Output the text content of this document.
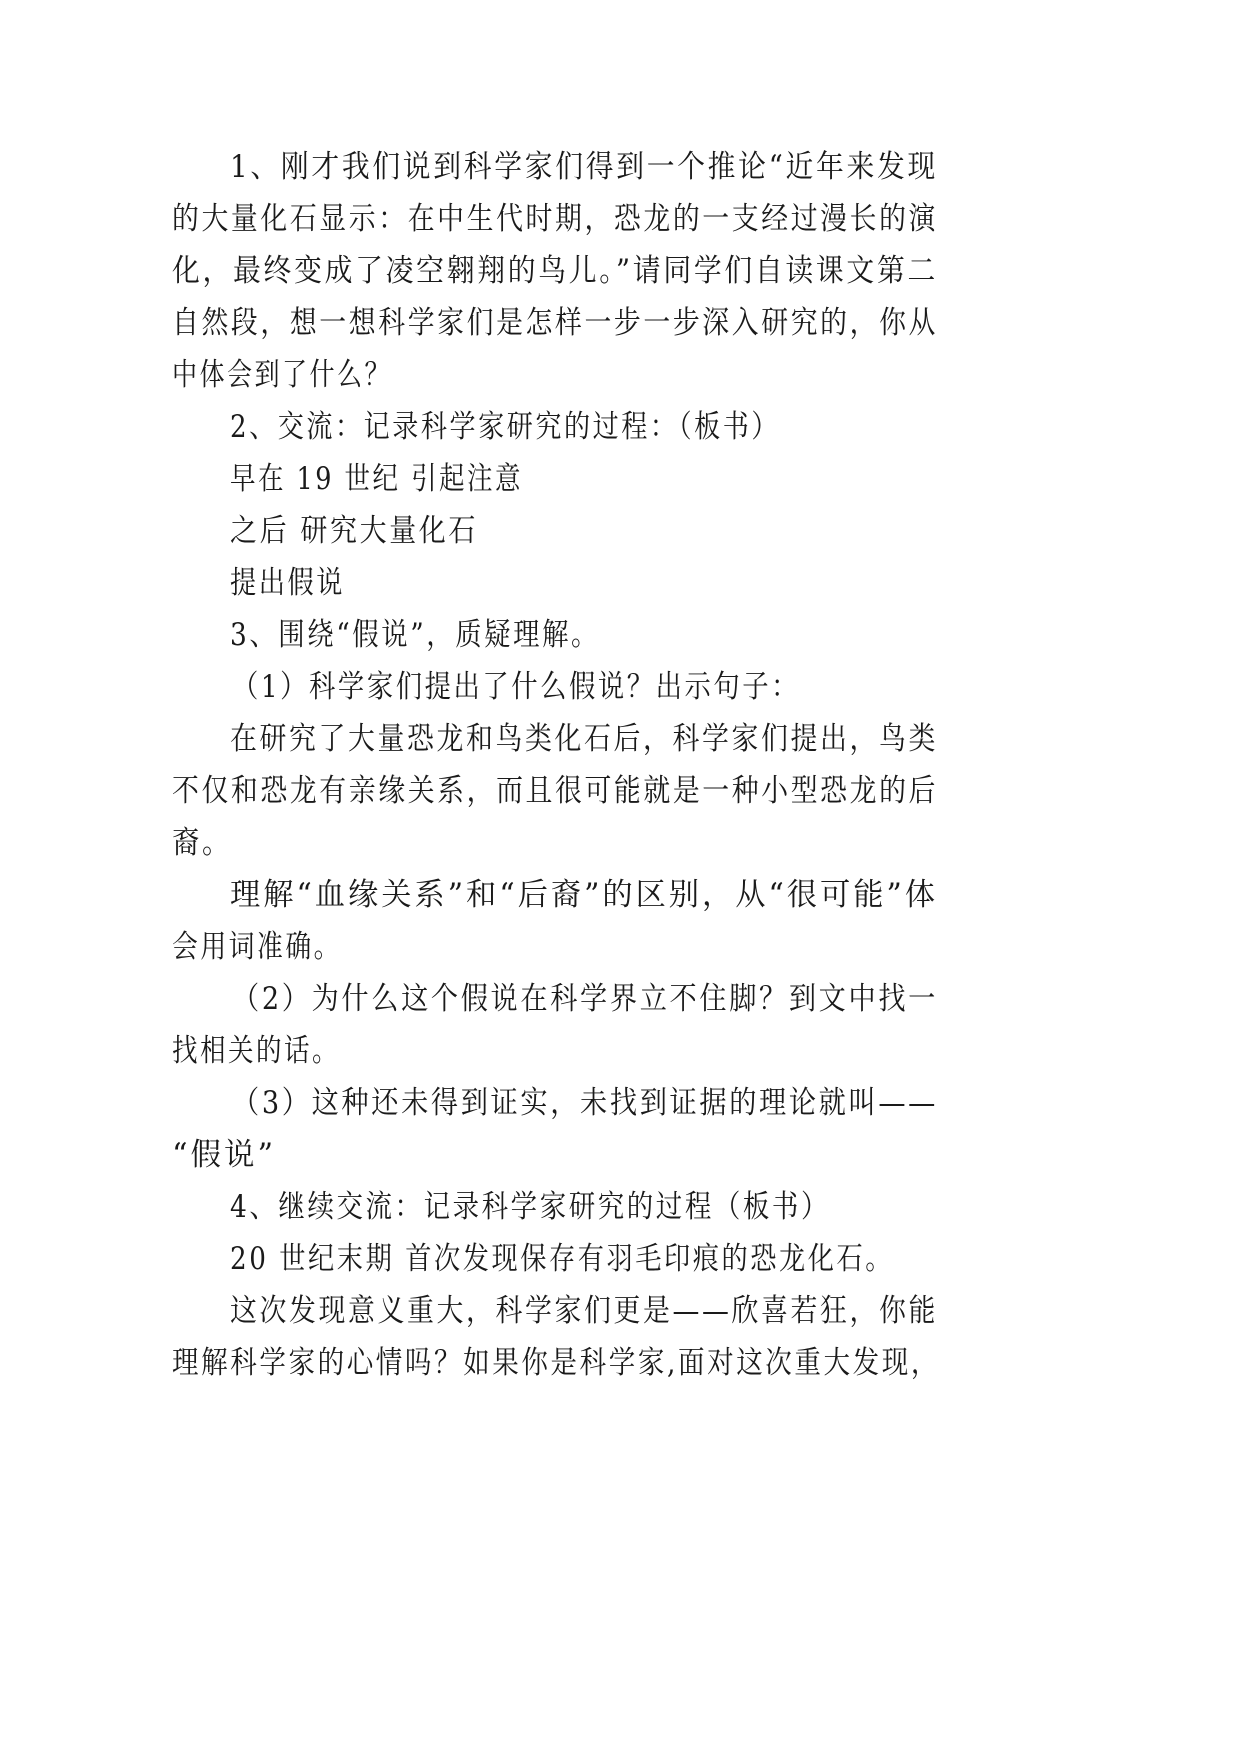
1、刚才我们说到科学家们得到一个推论“近年来发现
的大量化石显示：在中生代时期，恐龙的一支经过漫长的演
化，最终变成了凌空翱翔的鸟儿。”请同学们自读课文第二
自然段，想一想科学家们是怎样一步一步深入研究的，你从
中体会到了什么？
2、交流：记录科学家研究的过程：（板书）
早在 19 世纪 引起注意
之后 研究大量化石
提出假说
3、围绕“假说”，质疑理解。
（1）科学家们提出了什么假说？出示句子：
在研究了大量恐龙和鸟类化石后，科学家们提出，鸟类
不仅和恐龙有亲缘关系，而且很可能就是一种小型恐龙的后
裔。
理解“血缘关系”和“后裔”的区别，从“很可能”体
会用词准确。
（2）为什么这个假说在科学界立不住脚？到文中找一
找相关的话。
（3）这种还未得到证实，未找到证据的理论就叫——
“假说”
4、继续交流：记录科学家研究的过程（板书）
20 世纪末期 首次发现保存有羽毛印痕的恐龙化石。
这次发现意义重大，科学家们更是——欣喜若狂，你能
理解科学家的心情吗？如果你是科学家,面对这次重大发现，
